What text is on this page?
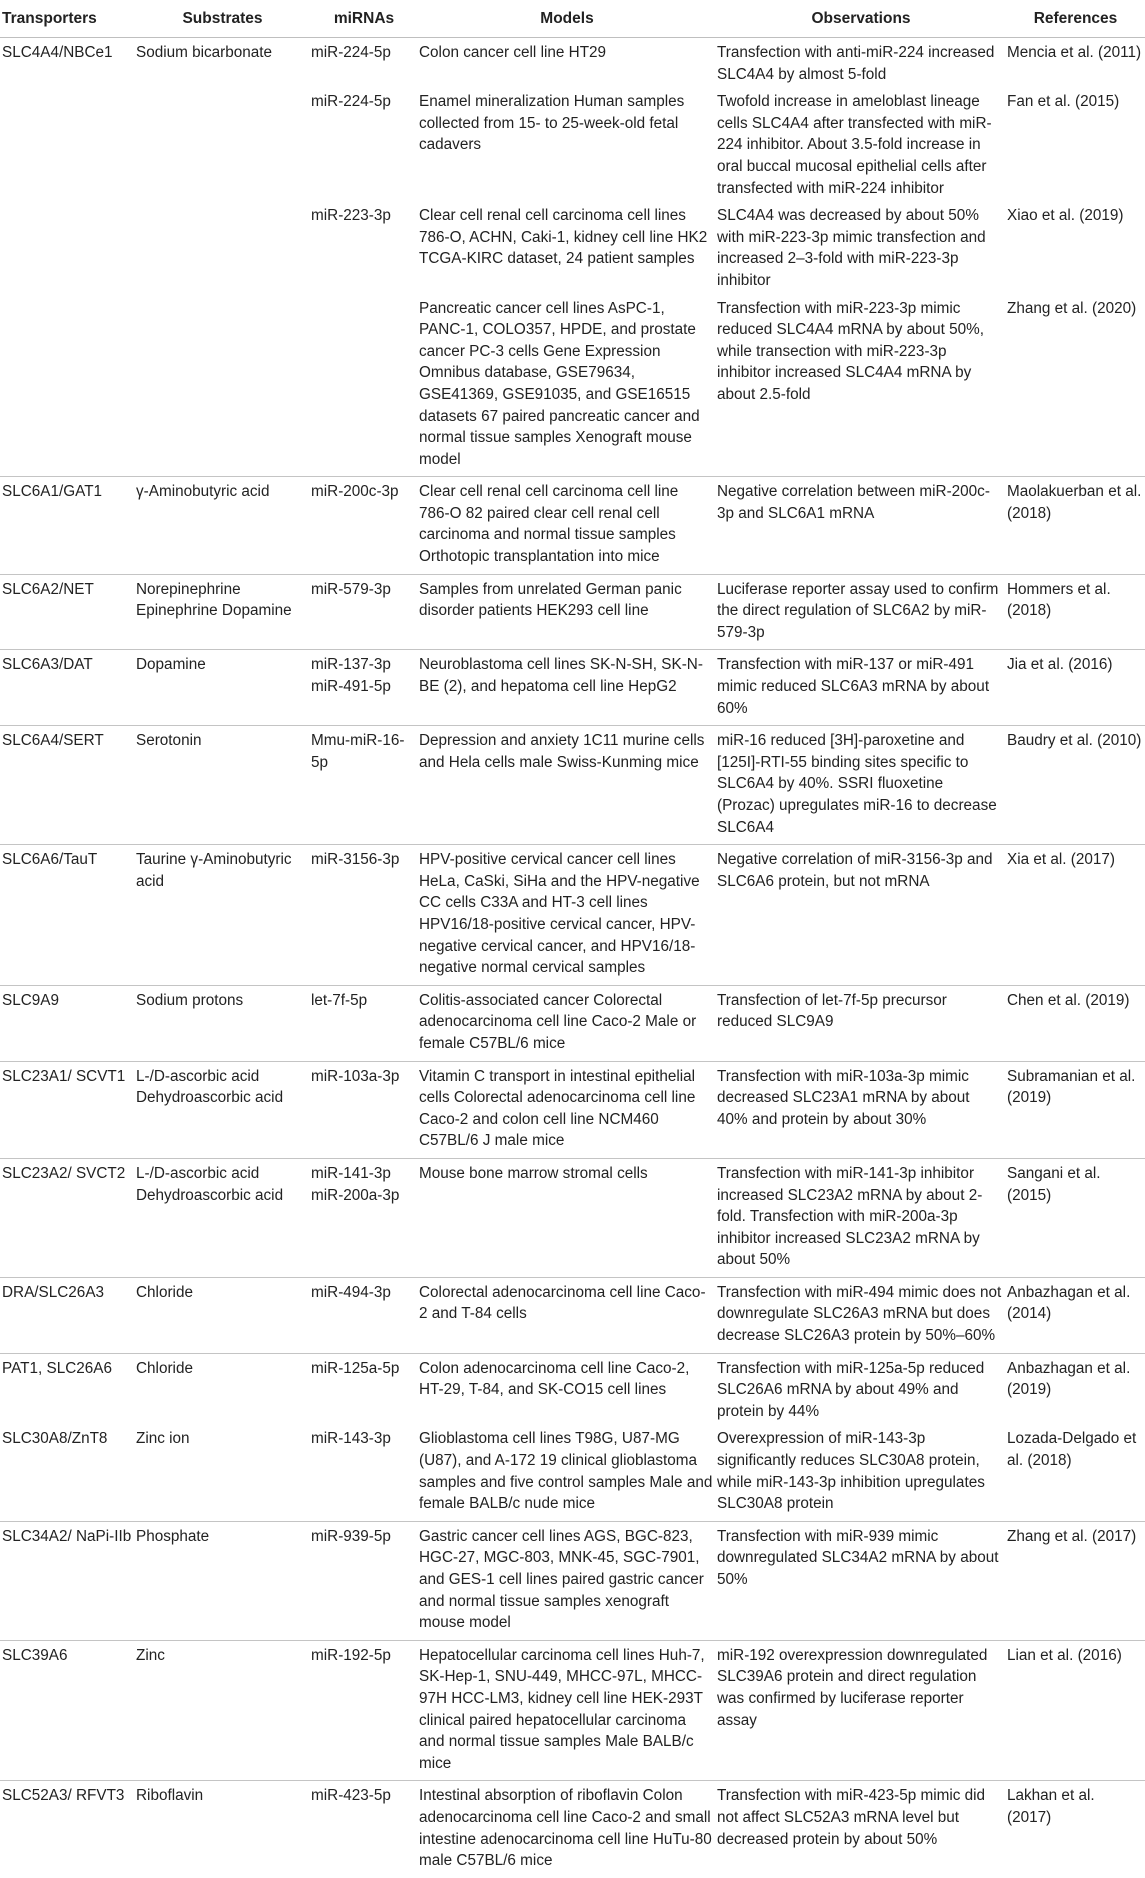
Transporters	Substrates	miRNAs	Models	Observations	References
SLC4A4/NBCe1	Sodium bicarbonate	miR-224-5p	Colon cancer cell line HT29	Transfection with anti-miR-224 increased SLC4A4 by almost 5-fold	Mencia et al. (2011)
		miR-224-5p	Enamel mineralization Human samples collected from 15- to 25-week-old fetal cadavers	Twofold increase in ameloblast lineage cells SLC4A4 after transfected with miR-224 inhibitor. About 3.5-fold increase in oral buccal mucosal epithelial cells after transfected with miR-224 inhibitor	Fan et al. (2015)
		miR-223-3p	Clear cell renal cell carcinoma cell lines 786-O, ACHN, Caki-1, kidney cell line HK2 TCGA-KIRC dataset, 24 patient samples	SLC4A4 was decreased by about 50% with miR-223-3p mimic transfection and increased 2–3-fold with miR-223-3p inhibitor	Xiao et al. (2019)
			Pancreatic cancer cell lines AsPC-1, PANC-1, COLO357, HPDE, and prostate cancer PC-3 cells Gene Expression Omnibus database, GSE79634, GSE41369, GSE91035, and GSE16515 datasets 67 paired pancreatic cancer and normal tissue samples Xenograft mouse model	Transfection with miR-223-3p mimic reduced SLC4A4 mRNA by about 50%, while transection with miR-223-3p inhibitor increased SLC4A4 mRNA by about 2.5-fold	Zhang et al. (2020)
SLC6A1/GAT1	γ-Aminobutyric acid	miR-200c-3p	Clear cell renal cell carcinoma cell line 786-O 82 paired clear cell renal cell carcinoma and normal tissue samples Orthotopic transplantation into mice	Negative correlation between miR-200c-3p and SLC6A1 mRNA	Maolakuerban et al. (2018)
SLC6A2/NET	Norepinephrine Epinephrine Dopamine	miR-579-3p	Samples from unrelated German panic disorder patients HEK293 cell line	Luciferase reporter assay used to confirm the direct regulation of SLC6A2 by miR-579-3p	Hommers et al. (2018)
SLC6A3/DAT	Dopamine	miR-137-3p miR-491-5p	Neuroblastoma cell lines SK-N-SH, SK-N-BE (2), and hepatoma cell line HepG2	Transfection with miR-137 or miR-491 mimic reduced SLC6A3 mRNA by about 60%	Jia et al. (2016)
SLC6A4/SERT	Serotonin	Mmu-miR-16-5p	Depression and anxiety 1C11 murine cells and Hela cells male Swiss-Kunming mice	miR-16 reduced [3H]-paroxetine and [125I]-RTI-55 binding sites specific to SLC6A4 by 40%. SSRI fluoxetine (Prozac) upregulates miR-16 to decrease SLC6A4	Baudry et al. (2010)
SLC6A6/TauT	Taurine γ-Aminobutyric acid	miR-3156-3p	HPV-positive cervical cancer cell lines HeLa, CaSki, SiHa and the HPV-negative CC cells C33A and HT-3 cell lines HPV16/18-positive cervical cancer, HPV-negative cervical cancer, and HPV16/18-negative normal cervical samples	Negative correlation of miR-3156-3p and SLC6A6 protein, but not mRNA	Xia et al. (2017)
SLC9A9	Sodium protons	let-7f-5p	Colitis-associated cancer Colorectal adenocarcinoma cell line Caco-2 Male or female C57BL/6 mice	Transfection of let-7f-5p precursor reduced SLC9A9	Chen et al. (2019)
SLC23A1/ SCVT1	L-/D-ascorbic acid Dehydroascorbic acid	miR-103a-3p	Vitamin C transport in intestinal epithelial cells Colorectal adenocarcinoma cell line Caco-2 and colon cell line NCM460 C57BL/6 J male mice	Transfection with miR-103a-3p mimic decreased SLC23A1 mRNA by about 40% and protein by about 30%	Subramanian et al. (2019)
SLC23A2/ SVCT2	L-/D-ascorbic acid Dehydroascorbic acid	miR-141-3p miR-200a-3p	Mouse bone marrow stromal cells	Transfection with miR-141-3p inhibitor increased SLC23A2 mRNA by about 2-fold. Transfection with miR-200a-3p inhibitor increased SLC23A2 mRNA by about 50%	Sangani et al. (2015)
DRA/SLC26A3	Chloride	miR-494-3p	Colorectal adenocarcinoma cell line Caco-2 and T-84 cells	Transfection with miR-494 mimic does not downregulate SLC26A3 mRNA but does decrease SLC26A3 protein by 50%–60%	Anbazhagan et al. (2014)
PAT1, SLC26A6	Chloride	miR-125a-5p	Colon adenocarcinoma cell line Caco-2, HT-29, T-84, and SK-CO15 cell lines	Transfection with miR-125a-5p reduced SLC26A6 mRNA by about 49% and protein by 44%	Anbazhagan et al. (2019)
SLC30A8/ZnT8	Zinc ion	miR-143-3p	Glioblastoma cell lines T98G, U87-MG (U87), and A-172 19 clinical glioblastoma samples and five control samples Male and female BALB/c nude mice	Overexpression of miR-143-3p significantly reduces SLC30A8 protein, while miR-143-3p inhibition upregulates SLC30A8 protein	Lozada-Delgado et al. (2018)
SLC34A2/ NaPi-IIb	Phosphate	miR-939-5p	Gastric cancer cell lines AGS, BGC-823, HGC-27, MGC-803, MNK-45, SGC-7901, and GES-1 cell lines paired gastric cancer and normal tissue samples xenograft mouse model	Transfection with miR-939 mimic downregulated SLC34A2 mRNA by about 50%	Zhang et al. (2017)
SLC39A6	Zinc	miR-192-5p	Hepatocellular carcinoma cell lines Huh-7, SK-Hep-1, SNU-449, MHCC-97L, MHCC-97H HCC-LM3, kidney cell line HEK-293T clinical paired hepatocellular carcinoma and normal tissue samples Male BALB/c mice	miR-192 overexpression downregulated SLC39A6 protein and direct regulation was confirmed by luciferase reporter assay	Lian et al. (2016)
SLC52A3/ RFVT3	Riboflavin	miR-423-5p	Intestinal absorption of riboflavin Colon adenocarcinoma cell line Caco-2 and small intestine adenocarcinoma cell line HuTu-80 male C57BL/6 mice	Transfection with miR-423-5p mimic did not affect SLC52A3 mRNA level but decreased protein by about 50%	Lakhan et al. (2017)
